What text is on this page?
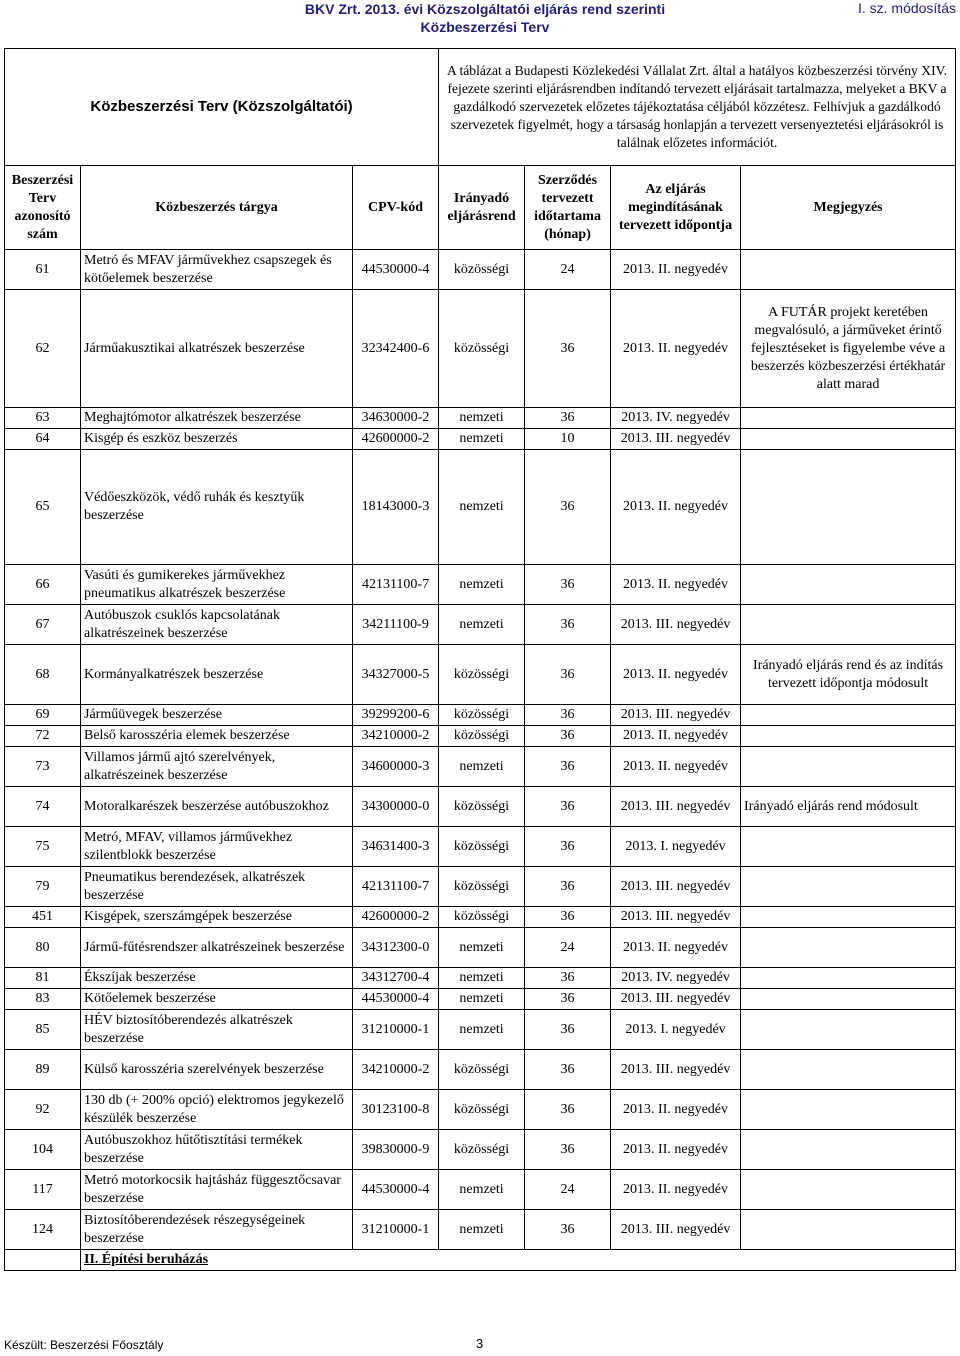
BKV Zrt. 2013. évi Közszolgáltatói eljárás rend szerinti
Közbeszerzési Terv
I. sz. módosítás
Közbeszerzési Terv (Közszolgáltatói)			A táblázat a Budapesti Közlekedési Vállalat Zrt. által a hatályos közbeszerzési törvény XIV. fejezete szerinti eljárásrendben indítandó tervezett eljárásait tartalmazza, melyeket a BKV a gazdálkodó szervezetek előzetes tájékoztatása céljából közzétesz. Felhívjuk a gazdálkodó szervezetek figyelmét, hogy a társaság honlapján a tervezett versenyeztetési eljárásokról is találnak előzetes információt.			
Beszerzési Terv azonosító szám	Közbeszerzés tárgya	CPV-kód	Irányadó eljárásrend	Szerződés tervezett időtartama (hónap)	Az eljárás megindításának tervezett időpontja	Megjegyzés
61	Metró és MFAV járművekhez csapszegek és kötőelemek beszerzése	44530000-4	közösségi	24	2013. II. negyedév	
62	Járműakusztikai alkatrészek beszerzése	32342400-6	közösségi	36	2013. II. negyedév	A FUTÁR projekt keretében megvalósuló, a járműveket érintő fejlesztéseket is figyelembe véve a beszerzés közbeszerzési értékhatár alatt marad
63	Meghajtómotor alkatrészek beszerzése	34630000-2	nemzeti	36	2013. IV. negyedév	
64	Kisgép és eszköz beszerzés	42600000-2	nemzeti	10	2013. III. negyedév	
65	Védőeszközök, védő ruhák és kesztyűk beszerzése	18143000-3	nemzeti	36	2013. II. negyedév	
66	Vasúti és gumikerekes járművekhez pneumatikus alkatrészek beszerzése	42131100-7	nemzeti	36	2013. II. negyedév	
67	Autóbuszok csuklós kapcsolatának alkatrészeinek beszerzése	34211100-9	nemzeti	36	2013. III. negyedév	
68	Kormányalkatrészek beszerzése	34327000-5	közösségi	36	2013. II. negyedév	Irányadó eljárás rend és az indítás tervezett időpontja módosult
69	Járműüvegek beszerzése	39299200-6	közösségi	36	2013. III. negyedév	
72	Belső karosszéria elemek beszerzése	34210000-2	közösségi	36	2013. II. negyedév	
73	Villamos jármű ajtó szerelvények, alkatrészeinek beszerzése	34600000-3	nemzeti	36	2013. II. negyedév	
74	Motoralkarészek beszerzése autóbuszokhoz	34300000-0	közösségi	36	2013. III. negyedév	Irányadó eljárás rend módosult
75	Metró, MFAV, villamos járművekhez szilentblokk beszerzése	34631400-3	közösségi	36	2013. I. negyedév	
79	Pneumatikus berendezések, alkatrészek beszerzése	42131100-7	közösségi	36	2013. III. negyedév	
451	Kisgépek, szerszámgépek beszerzése	42600000-2	közösségi	36	2013. III. negyedév	
80	Jármű-fűtésrendszer alkatrészeinek beszerzése	34312300-0	nemzeti	24	2013. II. negyedév	
81	Ékszíjak beszerzése	34312700-4	nemzeti	36	2013. IV. negyedév	
83	Kötőelemek beszerzése	44530000-4	nemzeti	36	2013. III. negyedév	
85	HÉV biztosítóberendezés alkatrészek beszerzése	31210000-1	nemzeti	36	2013. I. negyedév	
89	Külső karosszéria szerelvények beszerzése	34210000-2	közösségi	36	2013. III. negyedév	
92	130 db (+ 200% opció) elektromos jegykezelő készülék beszerzése	30123100-8	közösségi	36	2013. II. negyedév	
104	Autóbuszokhoz hűtőtisztítási termékek beszerzése	39830000-9	közösségi	36	2013. II. negyedév	
117	Metró motorkocsik hajtásház függesztőcsavar beszerzése	44530000-4	nemzeti	24	2013. II. negyedév	
124	Biztosítóberendezések részegységeinek beszerzése	31210000-1	nemzeti	36	2013. III. negyedév	
	II. Építési beruházás					
Készült: Beszerzési Főosztály	3
